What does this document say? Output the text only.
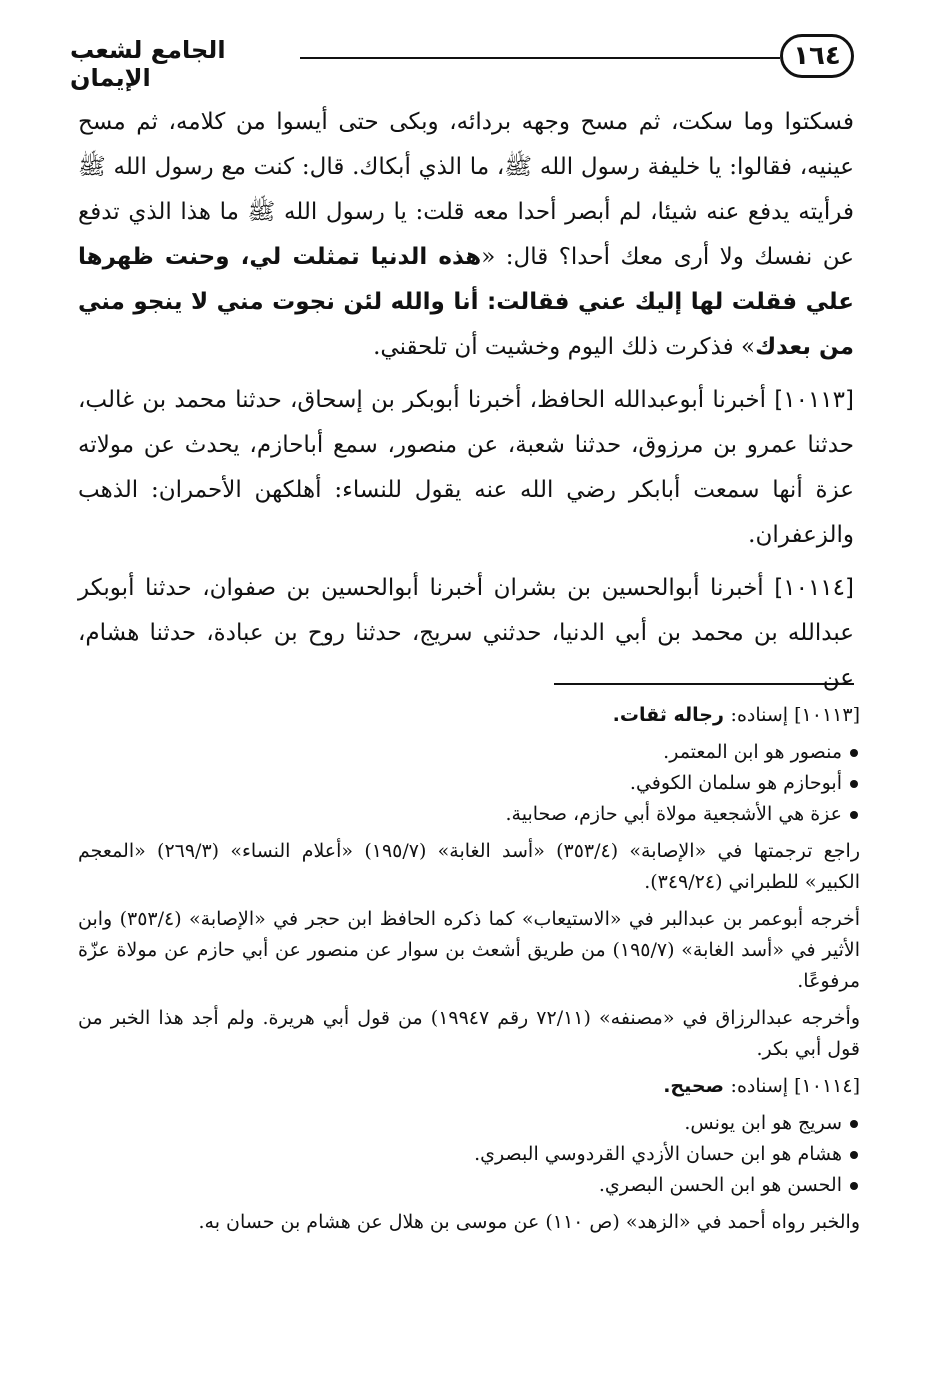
١٦٤
الجامع لشعب الإيمان

فسكتوا وما سكت، ثم مسح وجهه بردائه، وبكى حتى أيسوا من كلامه، ثم مسح عينيه، فقالوا: يا خليفة رسول الله ﷺ، ما الذي أبكاك. قال: كنت مع رسول الله ﷺ فرأيته يدفع عنه شيئا، لم أبصر أحدا معه قلت: يا رسول الله ﷺ ما هذا الذي تدفع عن نفسك ولا أرى معك أحدا؟ قال: «هذه الدنيا تمثلت لي، وحنت ظهرها علي فقلت لها إليك عني فقالت: أنا والله لئن نجوت مني لا ينجو مني من بعدك» فذكرت ذلك اليوم وخشيت أن تلحقني.

[١٠١١٣] أخبرنا أبوعبدالله الحافظ، أخبرنا أبوبكر بن إسحاق، حدثنا محمد بن غالب، حدثنا عمرو بن مرزوق، حدثنا شعبة، عن منصور، سمع أباحازم، يحدث عن مولاته عزة أنها سمعت أبابكر رضي الله عنه يقول للنساء: أهلكهن الأحمران: الذهب والزعفران.

[١٠١١٤] أخبرنا أبوالحسين بن بشران أخبرنا أبوالحسين بن صفوان، حدثنا أبوبكر عبدالله بن محمد بن أبي الدنيا، حدثني سريج، حدثنا روح بن عبادة، حدثنا هشام، عن

[١٠١١٣] إسناده: رجاله ثقات.

منصور هو ابن المعتمر.
أبوحازم هو سلمان الكوفي.
عزة هي الأشجعية مولاة أبي حازم، صحابية.

راجع ترجمتها في «الإصابة» (٣٥٣/٤) «أسد الغابة» (١٩٥/٧) «أعلام النساء» (٢٦٩/٣) «المعجم الكبير» للطبراني (٣٤٩/٢٤).

أخرجه أبوعمر بن عبدالبر في «الاستيعاب» كما ذكره الحافظ ابن حجر في «الإصابة» (٣٥٣/٤) وابن الأثير في «أسد الغابة» (١٩٥/٧) من طريق أشعث بن سوار عن منصور عن أبي حازم عن مولاة عزّة مرفوعًا.

وأخرجه عبدالرزاق في «مصنفه» (٧٢/١١ رقم ١٩٩٤٧) من قول أبي هريرة. ولم أجد هذا الخبر من قول أبي بكر.

[١٠١١٤] إسناده: صحيح.

سريج هو ابن يونس.
هشام هو ابن حسان الأزدي القردوسي البصري.
الحسن هو ابن الحسن البصري.

والخبر رواه أحمد في «الزهد» (ص ١١٠) عن موسى بن هلال عن هشام بن حسان به.
